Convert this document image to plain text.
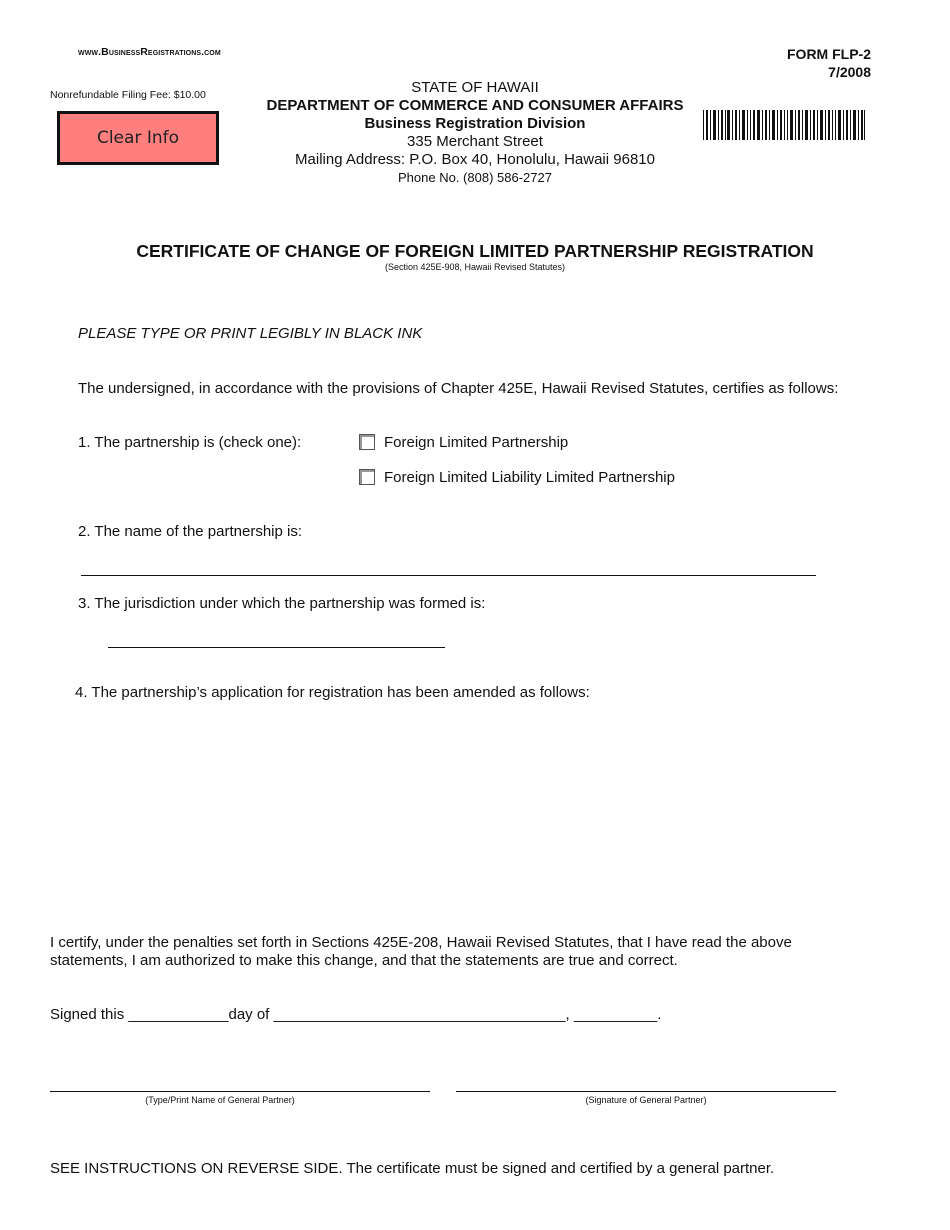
www.BusinessRegistrations.com	FORM FLP-2
7/2008
Nonrefundable Filing Fee: $10.00
Clear Info
STATE OF HAWAII
DEPARTMENT OF COMMERCE AND CONSUMER AFFAIRS
Business Registration Division
335 Merchant Street
Mailing Address: P.O. Box 40, Honolulu, Hawaii 96810
Phone No. (808) 586-2727
CERTIFICATE OF CHANGE OF FOREIGN LIMITED PARTNERSHIP REGISTRATION
(Section 425E-908, Hawaii Revised Statutes)
PLEASE TYPE OR PRINT LEGIBLY IN BLACK INK
The undersigned, in accordance with the provisions of Chapter 425E, Hawaii Revised Statutes, certifies as follows:
1. The partnership is (check one):	Foreign Limited Partnership
Foreign Limited Liability Limited Partnership
2. The name of the partnership is:
3. The jurisdiction under which the partnership was formed is:
4. The partnership’s application for registration has been amended as follows:
I certify, under the penalties set forth in Sections 425E-208, Hawaii Revised Statutes, that I have read the above statements, I am authorized to make this change, and that the statements are true and correct.
Signed this ____________day of ___________________________________, __________.
(Type/Print Name of General Partner)	(Signature of General Partner)
SEE INSTRUCTIONS ON REVERSE SIDE. The certificate must be signed and certified by a general partner.
